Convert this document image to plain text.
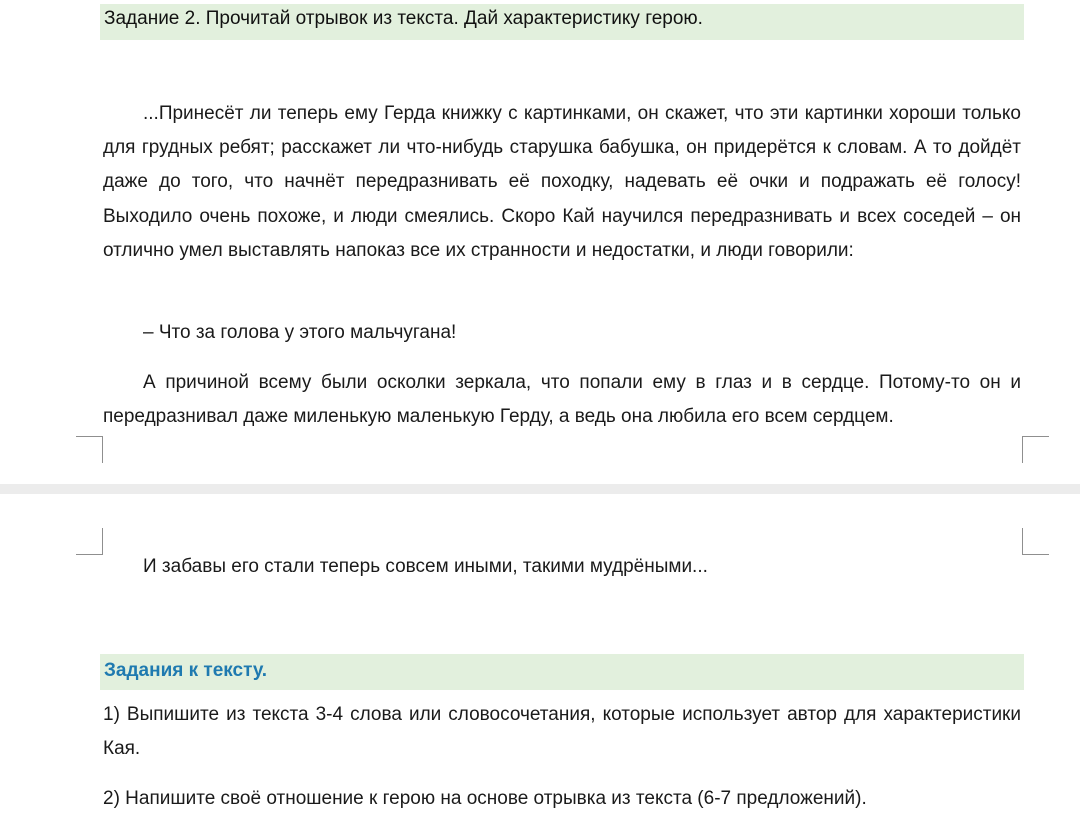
Задание 2. Прочитай отрывок из текста. Дай характеристику герою.

...Принесёт ли теперь ему Герда книжку с картинками, он скажет, что эти картинки хороши только для грудных ребят; расскажет ли что-нибудь старушка бабушка, он придерётся к словам. А то дойдёт даже до того, что начнёт передразнивать её походку, надевать её очки и подражать её голосу! Выходило очень похоже, и люди смеялись. Скоро Кай научился передразнивать и всех соседей – он отлично умел выставлять напоказ все их странности и недостатки, и люди говорили:

– Что за голова у этого мальчугана!

А причиной всему были осколки зеркала, что попали ему в глаз и в сердце. Потому-то он и передразнивал даже миленькую маленькую Герду, а ведь она любила его всем сердцем.

И забавы его стали теперь совсем иными, такими мудрёными...

Задания к тексту.

1) Выпишите из текста 3-4 слова или словосочетания, которые использует автор для характеристики Кая.

2) Напишите своё отношение к герою на основе отрывка из текста (6-7 предложений).
